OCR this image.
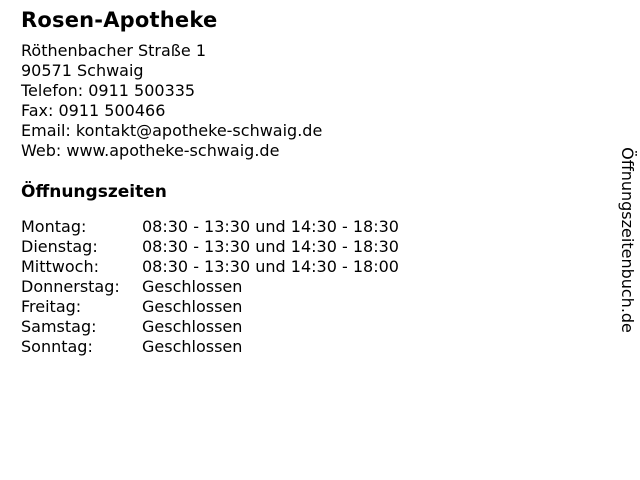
Rosen-Apotheke
Röthenbacher Straße 1
90571 Schwaig
Telefon: 0911 500335
Fax: 0911 500466
Email: kontakt@apotheke-schwaig.de
Web: www.apotheke-schwaig.de
Öffnungszeiten
Montag:	08:30 - 13:30 und 14:30 - 18:30
Dienstag:	08:30 - 13:30 und 14:30 - 18:30
Mittwoch:	08:30 - 13:30 und 14:30 - 18:00
Donnerstag:	Geschlossen
Freitag:	Geschlossen
Samstag:	Geschlossen
Sonntag:	Geschlossen
Öffnungszeitenbuch.de
